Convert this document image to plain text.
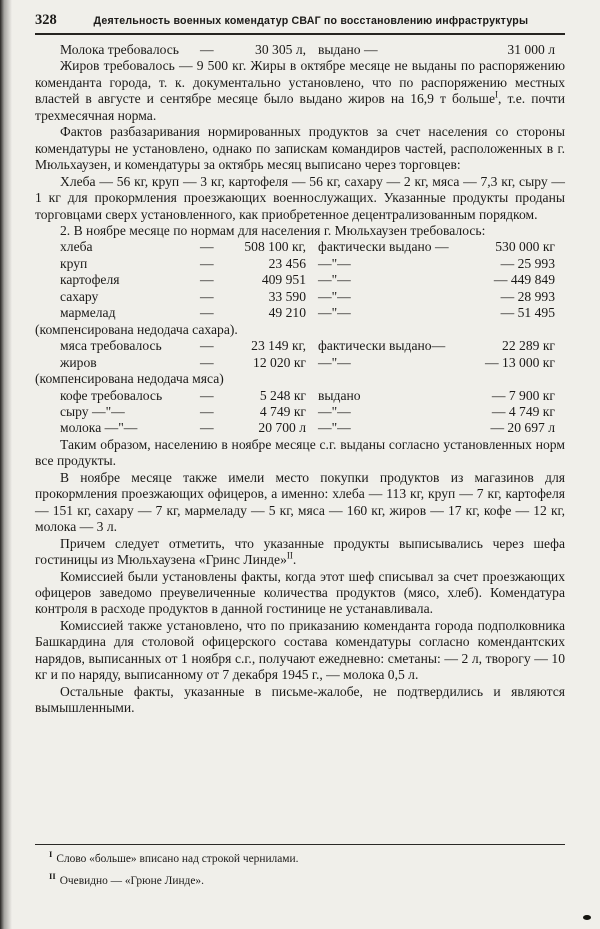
328	Деятельность военных комендатур СВАГ по восстановлению инфраструктуры
Молока требовалось	—	30 305 л, выдано —	31 000 л

Жиров требовалось — 9 500 кг. Жиры в октябре месяце не выданы по распоряжению коменданта города, т. к. документально установлено, что по распоряжению местных властей в августе и сентябре месяце было выдано жиров на 16,9 т больше$^I$, т.е. почти трехмесячная норма.

Фактов разбазаривания нормированных продуктов за счет населения со стороны комендатуры не установлено, однако по запискам командиров частей, расположенных в г. Мюльхаузен, и комендатуры за октябрь месяц выписано через торговцев:

Хлеба — 56 кг, круп — 3 кг, картофеля — 56 кг, сахару — 2 кг, мяса — 7,3 кг, сыру — 1 кг для прокормления проезжающих военнослужащих. Указанные продукты проданы торговцами сверх установленного, как приобретенное децентрализованным порядком.

2. В ноябре месяце по нормам для населения г. Мюльхаузен требовалось:

хлеба	—	508 100 кг, фактически выдано —	530 000 кг
круп	—	23 456 —"—	— 25 993
картофеля	—	409 951 —"—	— 449 849
сахару	—	33 590 —"—	— 28 993
мармелад	—	49 210 —"—	— 51 495

(компенсирована недодача сахара).

мяса требовалось	—	23 149 кг, фактически выдано—	22 289 кг
жиров	—	12 020 кг —"—	— 13 000 кг

(компенсирована недодача мяса)

кофе требовалось	—	5 248 кг выдано	— 7 900 кг
сыру —"—	—	4 749 кг —"—	— 4 749 кг
молока —"—	—	20 700 л —"—	— 20 697 л

Таким образом, населению в ноябре месяце с.г. выданы согласно установленных норм все продукты.

В ноябре месяце также имели место покупки продуктов из магазинов для прокормления проезжающих офицеров, а именно: хлеба — 113 кг, круп — 7 кг, картофеля — 151 кг, сахару — 7 кг, мармеладу — 5 кг, мяса — 160 кг, жиров — 17 кг, кофе — 12 кг, молока — 3 л.

Причем следует отметить, что указанные продукты выписывались через шефа гостиницы из Мюльхаузена «Гринс Линде»$^{II}$.

Комиссией были установлены факты, когда этот шеф списывал за счет проезжающих офицеров заведомо преувеличенные количества продуктов (мясо, хлеб). Комендатура контроля в расходе продуктов в данной гостинице не устанавливала.

Комиссией также установлено, что по приказанию коменданта города подполковника Башкардина для столовой офицерского состава комендатуры согласно комендантских нарядов, выписанных от 1 ноября с.г., получают ежедневно: сметаны: — 2 л, творогу — 10 кг и по наряду, выписанному от 7 декабря 1945 г., — молока 0,5 л.

Остальные факты, указанные в письме-жалобе, не подтвердились и являются вымышленными.

$^I$ Слово «больше» вписано над строкой чернилами.

$^{II}$ Очевидно — «Грюне Линде».
